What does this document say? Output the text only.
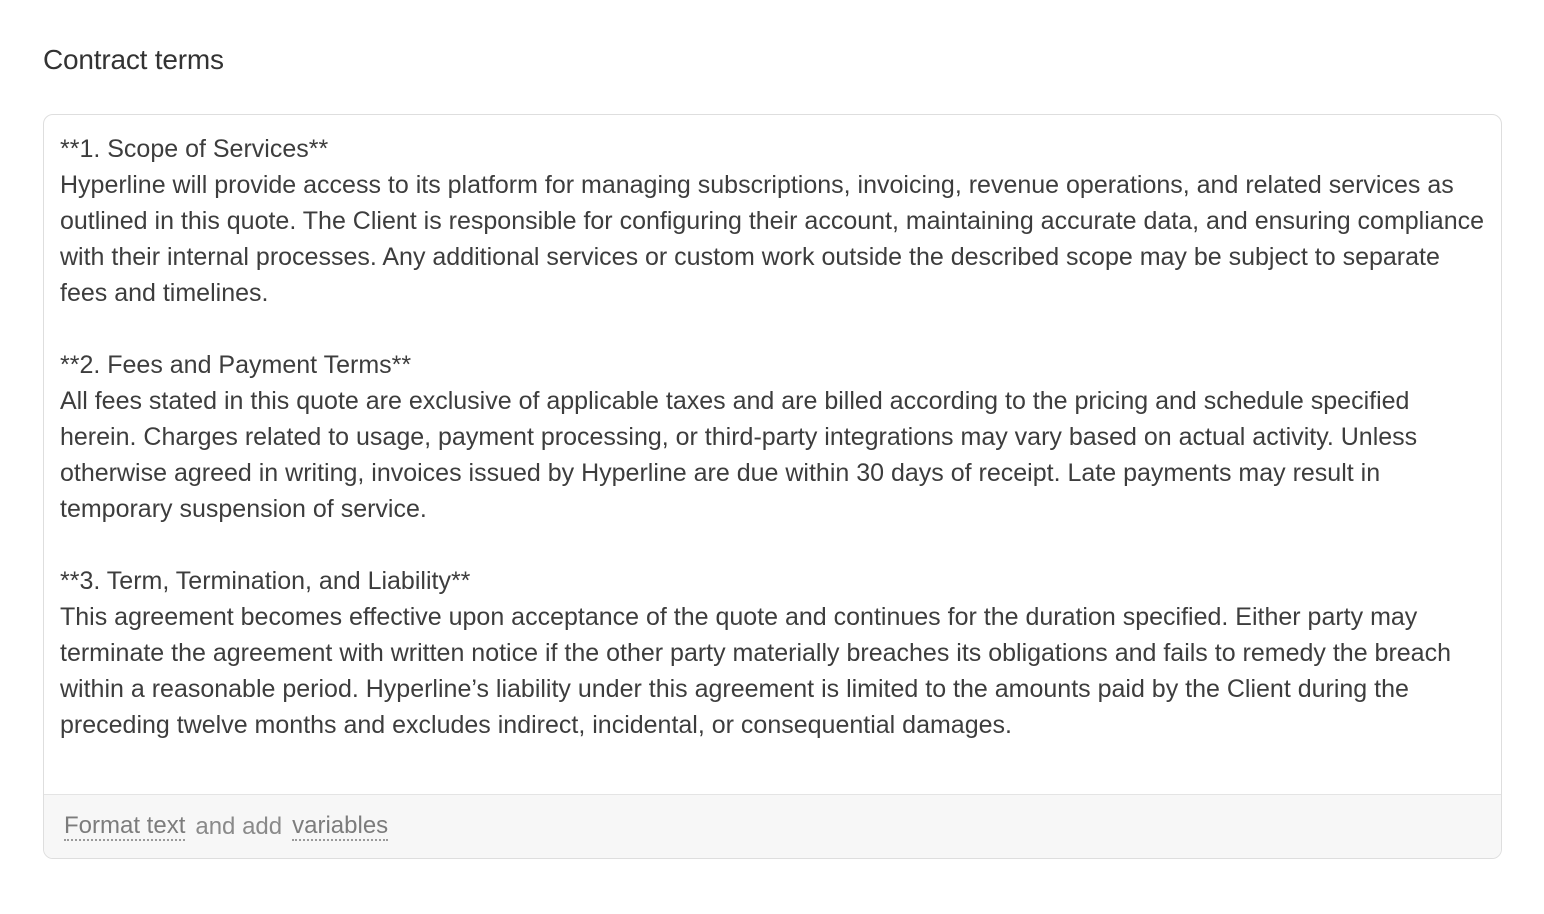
Contract terms

**1. Scope of Services**
Hyperline will provide access to its platform for managing subscriptions, invoicing, revenue operations, and related services as outlined in this quote. The Client is responsible for configuring their account, maintaining accurate data, and ensuring compliance with their internal processes. Any additional services or custom work outside the described scope may be subject to separate fees and timelines.

**2. Fees and Payment Terms**
All fees stated in this quote are exclusive of applicable taxes and are billed according to the pricing and schedule specified herein. Charges related to usage, payment processing, or third-party integrations may vary based on actual activity. Unless otherwise agreed in writing, invoices issued by Hyperline are due within 30 days of receipt. Late payments may result in temporary suspension of service.

**3. Term, Termination, and Liability**
This agreement becomes effective upon acceptance of the quote and continues for the duration specified. Either party may terminate the agreement with written notice if the other party materially breaches its obligations and fails to remedy the breach within a reasonable period. Hyperline’s liability under this agreement is limited to the amounts paid by the Client during the preceding twelve months and excludes indirect, incidental, or consequential damages.

Format text and add variables
